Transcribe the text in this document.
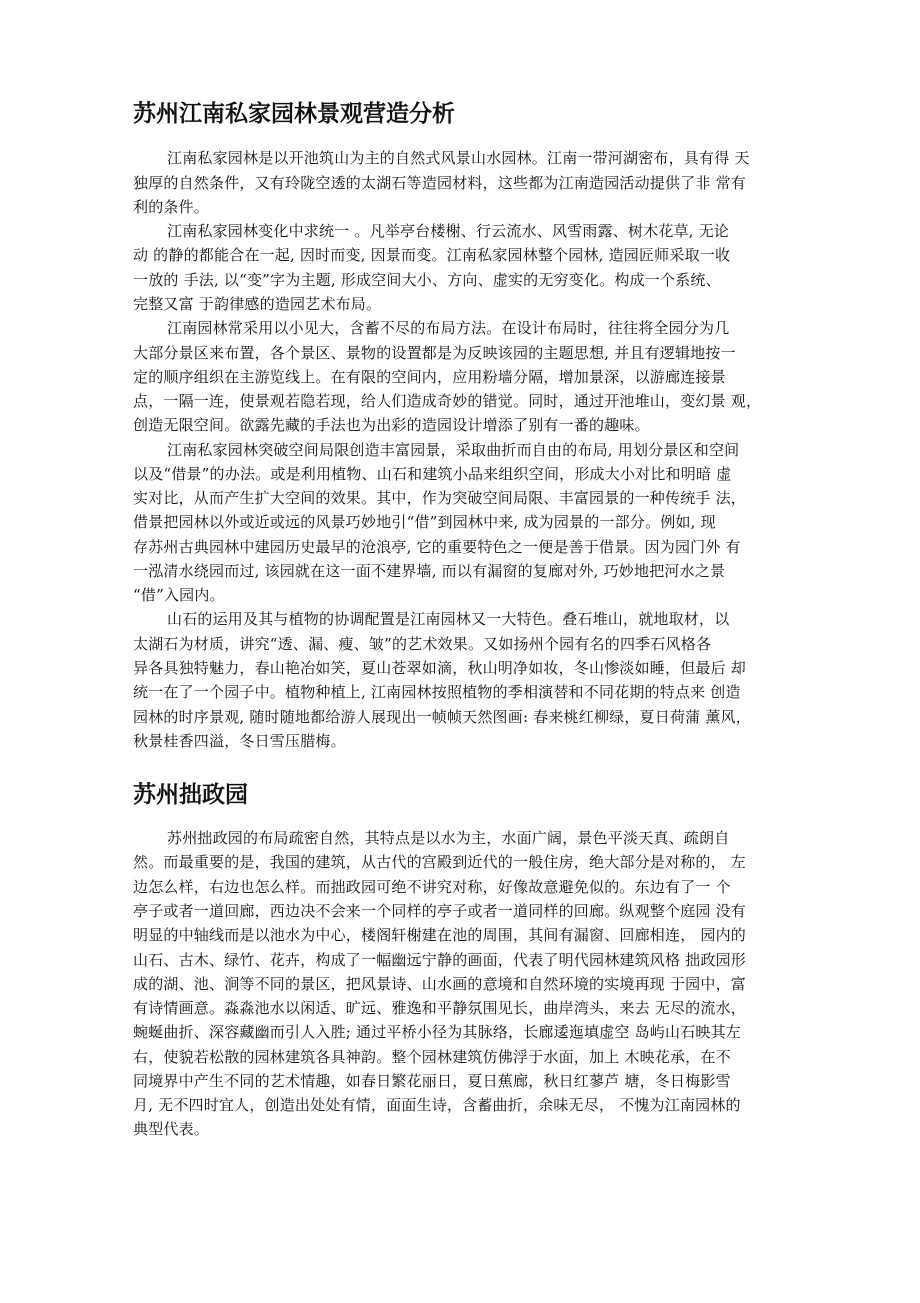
苏州江南私家园林景观营造分析
江南私家园林是以开池筑山为主的自然式风景山水园林。江南一带河湖密布，具有得 天
独厚的自然条件，又有玲陇空透的太湖石等造园材料，这些都为江南造园活动提供了非 常有
利的条件。
江南私家园林变化中求统一 。凡举亭台楼榭、行云流水、风雪雨露、树木花草, 无论
动 的静的都能合在一起, 因时而变, 因景而变。江南私家园林整个园林, 造园匠师采取一收
一放的 手法, 以“变”字为主题, 形成空间大小、方向、虚实的无穷变化。构成一个系统、
完整又富 于韵律感的造园艺术布局。
江南园林常采用以小见大，含蓄不尽的布局方法。在设计布局时，往往将全园分为几
大部分景区来布置，各个景区、景物的设置都是为反映该园的主题思想, 并且有逻辑地按一
定的顺序组织在主游览线上。在有限的空间内，应用粉墙分隔，增加景深，以游廊连接景
点，一隔一连，使景观若隐若现，给人们造成奇妙的错觉。同时，通过开池堆山，变幻景 观，
创造无限空间。欲露先藏的手法也为出彩的造园设计增添了别有一番的趣味。
江南私家园林突破空间局限创造丰富园景，采取曲折而自由的布局, 用划分景区和空间
以及“借景”的办法。或是利用植物、山石和建筑小品来组织空间，形成大小对比和明暗 虚
实对比，从而产生扩大空间的效果。其中，作为突破空间局限、丰富园景的一种传统手 法，
借景把园林以外或近或远的风景巧妙地引“借”到园林中来, 成为园景的一部分。例如, 现
存苏州古典园林中建园历史最早的沧浪亭, 它的重要特色之一便是善于借景。因为园门外 有
一泓清水绕园而过, 该园就在这一面不建界墙, 而以有漏窗的复廊对外, 巧妙地把河水之景
“借”入园内。
山石的运用及其与植物的协调配置是江南园林又一大特色。叠石堆山，就地取材，以
太湖石为材质，讲究“透、漏、瘦、皱”的艺术效果。又如扬州个园有名的四季石风格各
异各具独特魅力，春山艳冶如笑，夏山苍翠如滴，秋山明净如妆，冬山惨淡如睡，但最后 却
统一在了一个园子中。植物种植上, 江南园林按照植物的季相演替和不同花期的特点来 创造
园林的时序景观, 随时随地都给游人展现出一帧帧天然图画: 春来桃红柳绿，夏日荷蒲 薰风，
秋景桂香四溢，冬日雪压腊梅。
苏州拙政园
苏州拙政园的布局疏密自然，其特点是以水为主，水面广阔，景色平淡天真、疏朗自
然。而最重要的是，我国的建筑，从古代的宫殿到近代的一般住房，绝大部分是对称的， 左
边怎么样，右边也怎么样。而拙政园可绝不讲究对称，好像故意避免似的。东边有了一 个
亭子或者一道回廊，西边决不会来一个同样的亭子或者一道同样的回廊。纵观整个庭园 没有
明显的中轴线而是以池水为中心，楼阁轩榭建在池的周围，其间有漏窗、回廊相连， 园内的
山石、古木、绿竹、花卉，构成了一幅幽远宁静的画面，代表了明代园林建筑风格 拙政园形
成的湖、池、涧等不同的景区，把风景诗、山水画的意境和自然环境的实境再现 于园中，富
有诗情画意。淼淼池水以闲适、旷远、雅逸和平静氛围见长，曲岸湾头，来去 无尽的流水，
蜿蜒曲折、深容藏幽而引人入胜; 通过平桥小径为其脉络，长廊逶迤填虚空 岛屿山石映其左
右，使貌若松散的园林建筑各具神韵。整个园林建筑仿佛浮于水面，加上 木映花承，在不
同境界中产生不同的艺术情趣，如春日繁花丽日，夏日蕉廊，秋日红蓼芦 塘，冬日梅影雪
月, 无不四时宜人，创造出处处有情，面面生诗，含蓄曲折，余味无尽， 不愧为江南园林的
典型代表。
